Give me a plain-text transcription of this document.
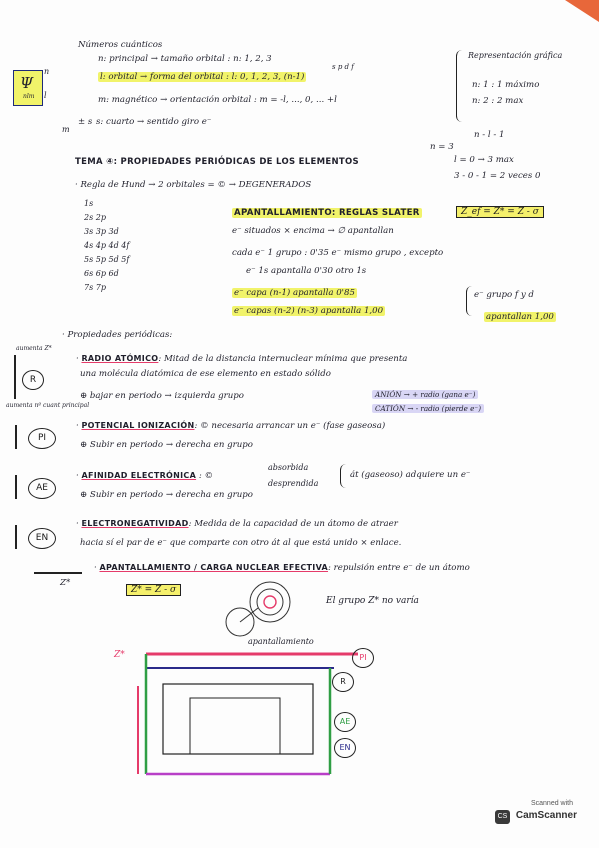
Números cuánticos
n: principal → tamaño orbital : n: 1, 2, 3
s p d f
l: orbital → forma del orbital : l: 0, 1, 2, 3, (n-1)
m: magnético → orientación orbital : m = -l, ..., 0, ... +l
s: cuarto → sentido giro e⁻
± s
Ψ
nlm
n
l
m
Representación gráfica
n: 1 : 1 máximo
n: 2 : 2 max
n - l - 1
n = 3
l = 0 → 3 max
3 - 0 - 1 = 2 veces 0
TEMA ④: PROPIEDADES PERIÓDICAS DE LOS ELEMENTOS
· Regla de Hund → 2 orbitales = © → DEGENERADOS
1s
2s 2p
3s 3p 3d
4s 4p 4d 4f
5s 5p 5d 5f
6s 6p 6d
7s 7p
APANTALLAMIENTO: REGLAS SLATER	Z_ef = Z* = Z - σ
e⁻ situados × encima → ∅ apantallan
cada e⁻ 1 grupo : 0'35 e⁻ mismo grupo , excepto
e⁻ 1s apantalla 0'30 otro 1s
e⁻ capa (n-1) apantalla 0'85
e⁻ capas (n-2) (n-3) apantalla 1,00
e⁻ grupo f y d
apantallan 1,00
· Propiedades periódicas:
aumenta Z*
R
aumenta nº cuant principal
· RADIO ATÓMICO: Mitad de la distancia internuclear mínima que presenta
una molécula diatómica de ese elemento en estado sólido
⊕ bajar en periodo → izquierda grupo	ANIÓN → + radio (gana e⁻)
CATIÓN → - radio (pierde e⁻)
PI
· POTENCIAL IONIZACIÓN: © necesaria arrancar un e⁻ (fase gaseosa)
⊕ Subir en periodo → derecha en grupo
AE
· AFINIDAD ELECTRÓNICA : ©
absorbida
desprendida
át (gaseoso) adquiere un e⁻
⊕ Subir en periodo → derecha en grupo
EN
· ELECTRONEGATIVIDAD: Medida de la capacidad de un átomo de atraer
hacia sí el par de e⁻ que comparte con otro át al que está unido × enlace.
Z*
· APANTALLAMIENTO / CARGA NUCLEAR EFECTIVA: repulsión entre e⁻ de un átomo
Z* = Z - σ
El grupo Z* no varía
apantallamiento
Z*	PI
R
AE
EN
Scanned with
CS CamScanner
